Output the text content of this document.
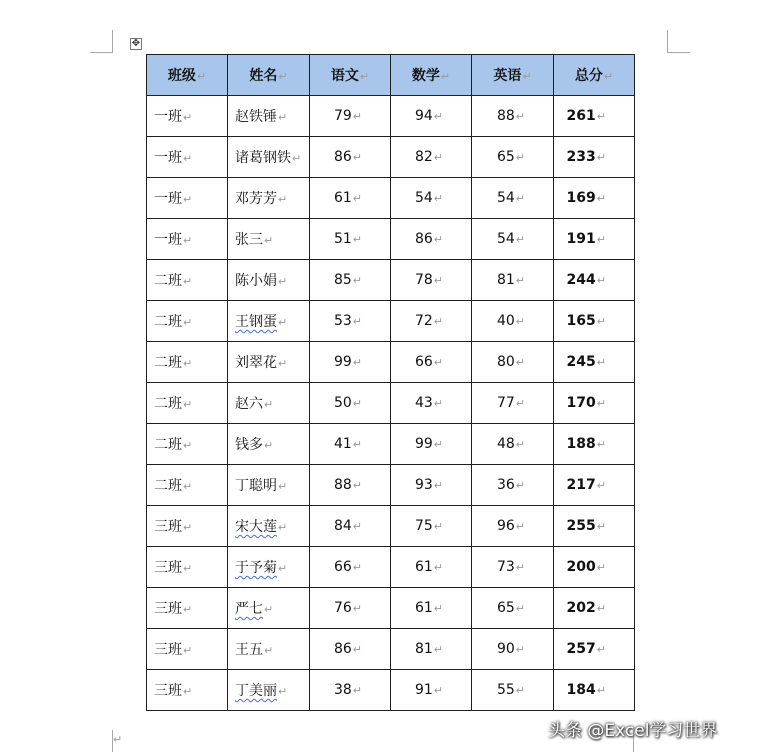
✥
班级↵	姓名↵	语文↵	数学↵	英语↵	总分↵
一班↵	赵铁锤↵	79↵	94↵	88↵	261↵
一班↵	诸葛钢铁↵	86↵	82↵	65↵	233↵
一班↵	邓芳芳↵	61↵	54↵	54↵	169↵
一班↵	张三↵	51↵	86↵	54↵	191↵
二班↵	陈小娟↵	85↵	78↵	81↵	244↵
二班↵	王钢蛋↵	53↵	72↵	40↵	165↵
二班↵	刘翠花↵	99↵	66↵	80↵	245↵
二班↵	赵六↵	50↵	43↵	77↵	170↵
二班↵	钱多↵	41↵	99↵	48↵	188↵
二班↵	丁聪明↵	88↵	93↵	36↵	217↵
三班↵	宋大莲↵	84↵	75↵	96↵	255↵
三班↵	于予菊↵	66↵	61↵	73↵	200↵
三班↵	严七↵	76↵	61↵	65↵	202↵
三班↵	王五↵	86↵	81↵	90↵	257↵
三班↵	丁美丽↵	38↵	91↵	55↵	184↵
↵	头条 @Excel学习世界
